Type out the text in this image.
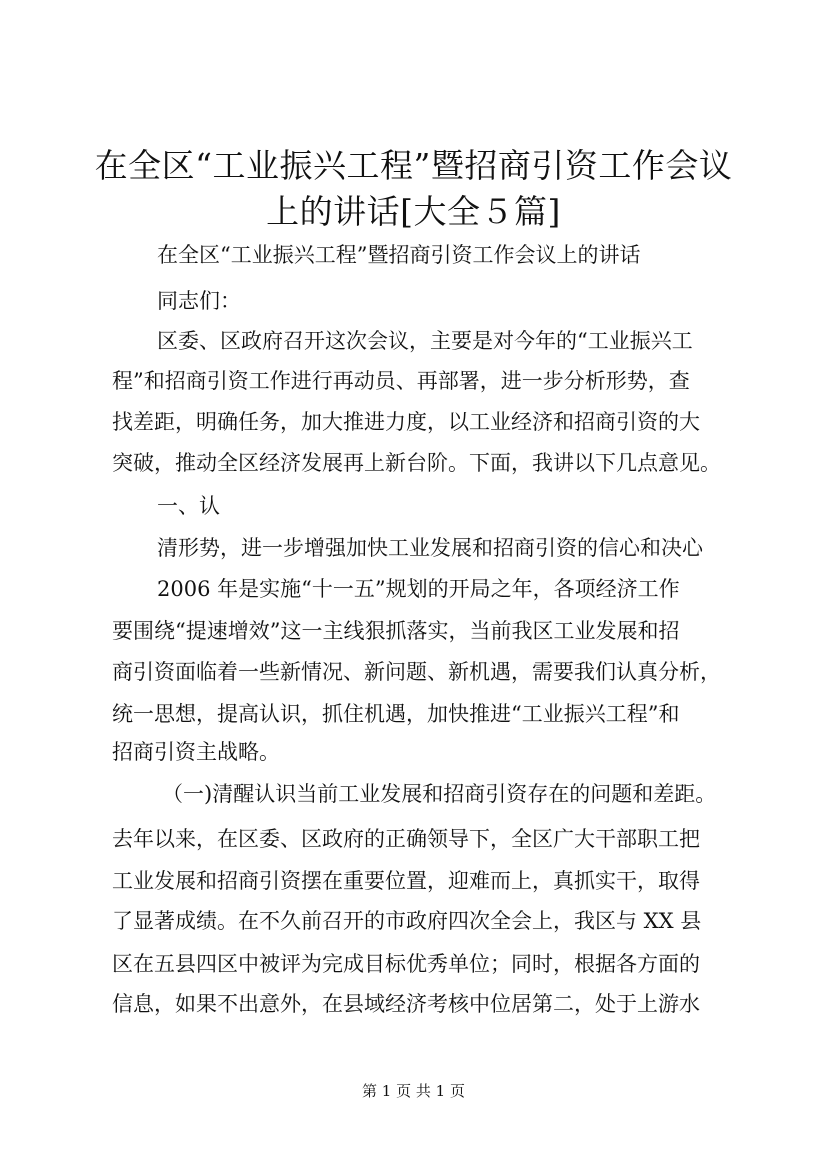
在全区“工业振兴工程”暨招商引资工作会议
上的讲话[大全５篇]
在全区“工业振兴工程”暨招商引资工作会议上的讲话
同志们：
区委、区政府召开这次会议，主要是对今年的“工业振兴工
程”和招商引资工作进行再动员、再部署，进一步分析形势，查
找差距，明确任务，加大推进力度，以工业经济和招商引资的大
突破，推动全区经济发展再上新台阶。下面，我讲以下几点意见。
一、认
清形势，进一步增强加快工业发展和招商引资的信心和决心
2006 年是实施“十一五”规划的开局之年，各项经济工作
要围绕“提速增效”这一主线狠抓落实，当前我区工业发展和招
商引资面临着一些新情况、新问题、新机遇，需要我们认真分析，
统一思想，提高认识，抓住机遇，加快推进“工业振兴工程”和
招商引资主战略。
（一)清醒认识当前工业发展和招商引资存在的问题和差距。
去年以来，在区委、区政府的正确领导下，全区广大干部职工把
工业发展和招商引资摆在重要位置，迎难而上，真抓实干，取得
了显著成绩。在不久前召开的市政府四次全会上，我区与 XX 县
区在五县四区中被评为完成目标优秀单位；同时，根据各方面的
信息，如果不出意外，在县域经济考核中位居第二，处于上游水
第 1 页 共 1 页
